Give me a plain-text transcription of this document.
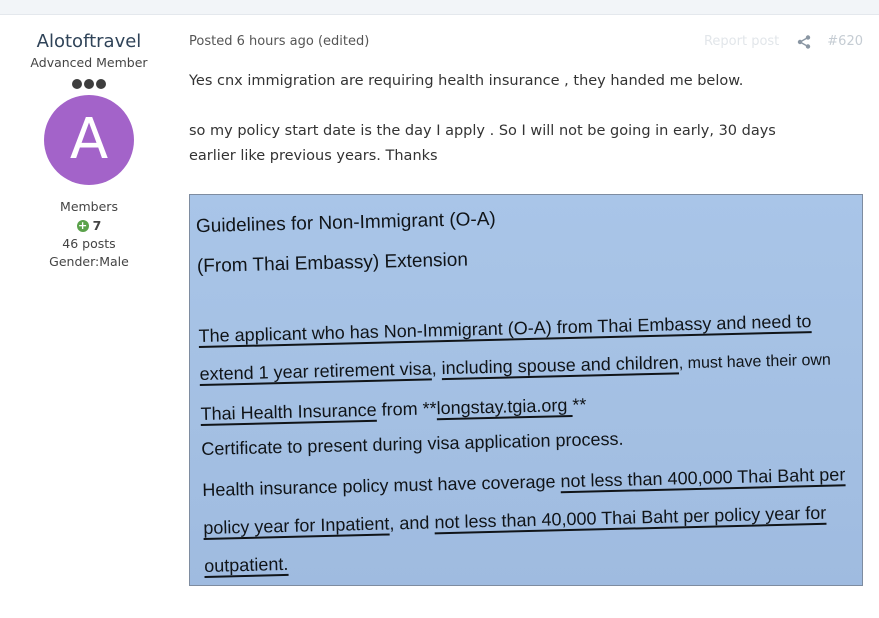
Alotoftravel
Advanced Member
A
Members
+ 7
46 posts
Gender:Male
Posted 6 hours ago (edited)	Report post	#620
Yes cnx immigration are requiring health insurance , they handed me below.
so my policy start date is the day I apply . So I will not be going in early, 30 days
earlier like previous years. Thanks
Guidelines for Non-Immigrant (O-A)
(From Thai Embassy) Extension
The applicant who has Non-Immigrant (O-A) from Thai Embassy and need to
extend 1 year retirement visa, including spouse and children, must have their own
Thai Health Insurance from **longstay.tgia.org **
Certificate to present during visa application process.
Health insurance policy must have coverage not less than 400,000 Thai Baht per
policy year for Inpatient, and not less than 40,000 Thai Baht per policy year for
outpatient.
